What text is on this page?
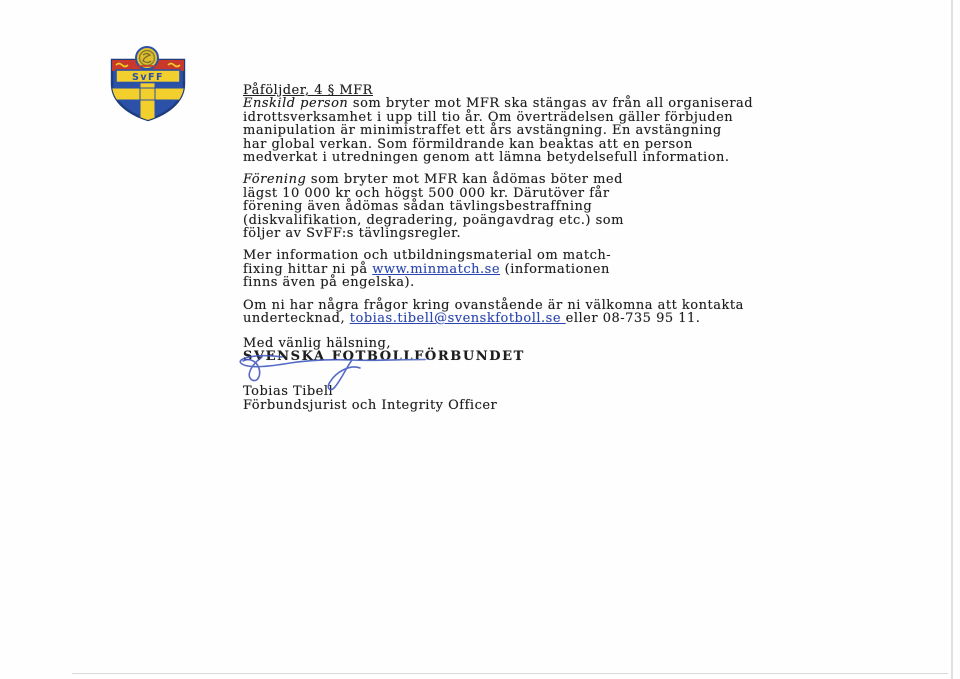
SvFF
Påföljder, 4 § MFR
Enskild person som bryter mot MFR ska stängas av från all organiserad
idrottsverksamhet i upp till tio år. Om överträdelsen gäller förbjuden
manipulation är minimistraffet ett års avstängning. En avstängning
har global verkan. Som förmildrande kan beaktas att en person
medverkat i utredningen genom att lämna betydelsefull information.
Förening som bryter mot MFR kan ådömas böter med
lägst 10 000 kr och högst 500 000 kr. Därutöver får
förening även ådömas sådan tävlingsbestraffning
(diskvalifikation, degradering, poängavdrag etc.) som
följer av SvFF:s tävlingsregler.
Mer information och utbildningsmaterial om match-
fixing hittar ni på www.minmatch.se (informationen
finns även på engelska).
Om ni har några frågor kring ovanstående är ni välkomna att kontakta
undertecknad, tobias.tibell@svenskfotboll.se eller 08-735 95 11.
Med vänlig hälsning,
SVENSKA FOTBOLLFÖRBUNDET
Tobias Tibell
Förbundsjurist och Integrity Officer
